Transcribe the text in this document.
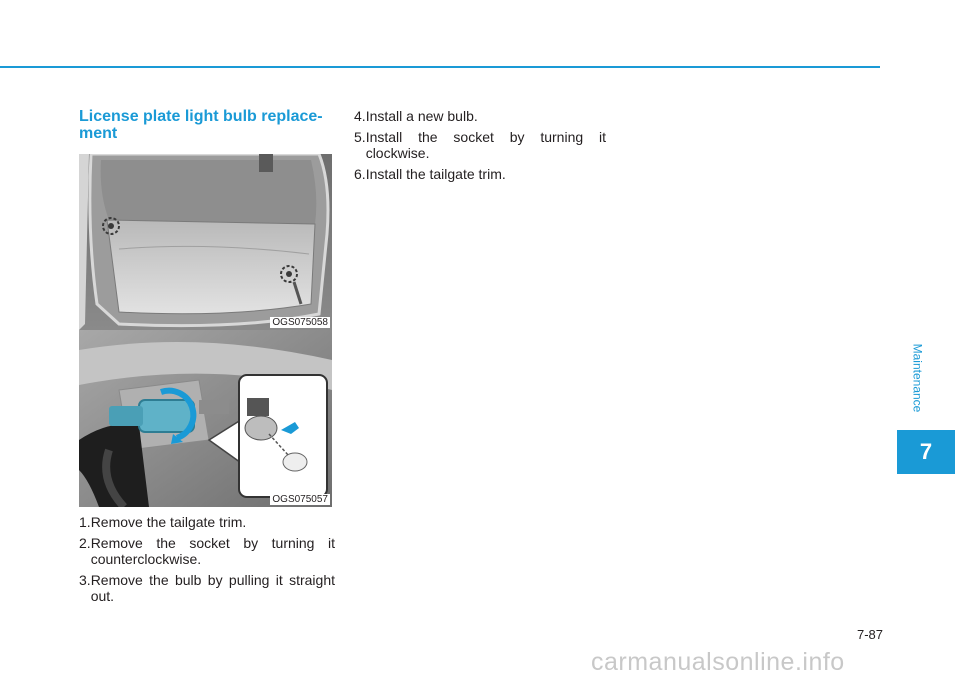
License plate light bulb replace-
ment
OGS075058
OGS075057
1. Remove the tailgate trim.
2. Remove the socket by turning it counterclockwise.
3. Remove the bulb by pulling it straight out.
4. Install a new bulb.
5. Install the socket by turning it clockwise.
6. Install the tailgate trim.
Maintenance
7
7-87
carmanualsonline.info
